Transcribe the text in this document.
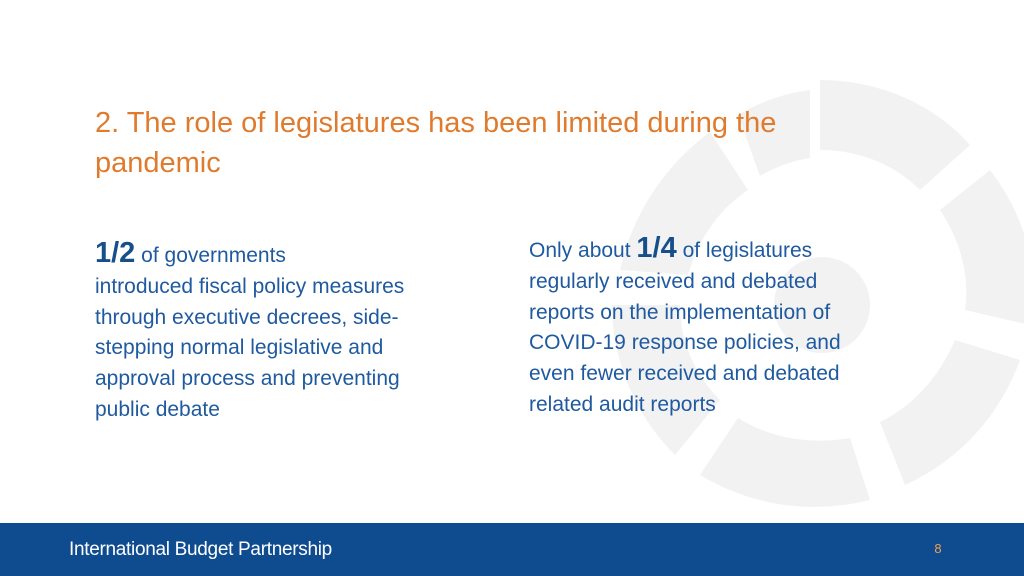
2. The role of legislatures has been limited during the pandemic
1/2 of governments
introduced fiscal policy measures through executive decrees, side-stepping normal legislative and approval process and preventing public debate
Only about 1/4 of legislatures
regularly received and debated reports on the implementation of COVID-19 response policies, and even fewer received and debated related audit reports
International Budget Partnership	8
